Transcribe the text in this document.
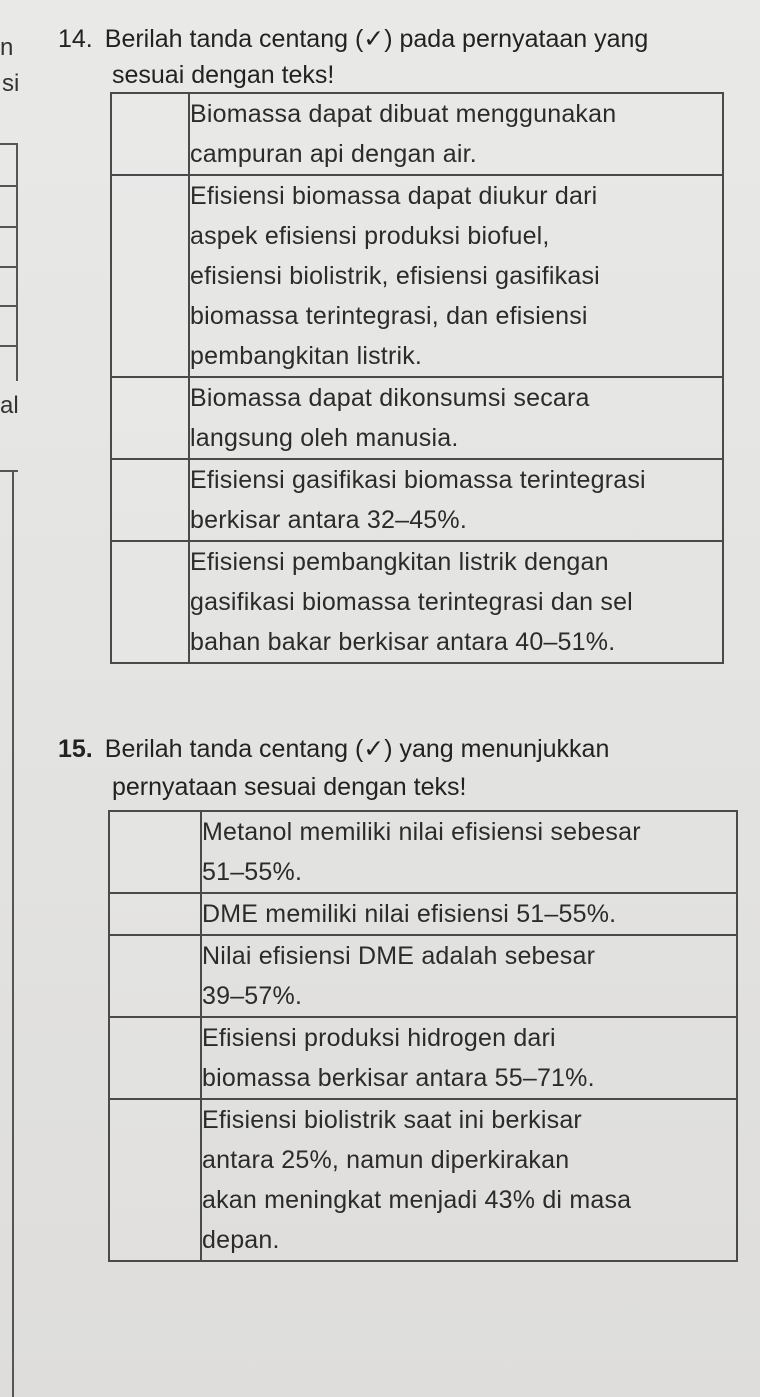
n
si
al
14. Berilah tanda centang (✓) pada pernyataan yang
sesuai dengan teks!

	Biomassa dapat dibuat menggunakan
campuran api dengan air.

	Efisiensi biomassa dapat diukur dari
aspek efisiensi produksi biofuel,
efisiensi biolistrik, efisiensi gasifikasi
biomassa terintegrasi, dan efisiensi
pembangkitan listrik.

	Biomassa dapat dikonsumsi secara
langsung oleh manusia.

	Efisiensi gasifikasi biomassa terintegrasi
berkisar antara 32–45%.

	Efisiensi pembangkitan listrik dengan
gasifikasi biomassa terintegrasi dan sel
bahan bakar berkisar antara 40–51%.
15. Berilah tanda centang (✓) yang menunjukkan
pernyataan sesuai dengan teks!

	Metanol memiliki nilai efisiensi sebesar
51–55%.

	DME memiliki nilai efisiensi 51–55%.

	Nilai efisiensi DME adalah sebesar
39–57%.

	Efisiensi produksi hidrogen dari
biomassa berkisar antara 55–71%.

	Efisiensi biolistrik saat ini berkisar
antara 25%, namun diperkirakan
akan meningkat menjadi 43% di masa
depan.
